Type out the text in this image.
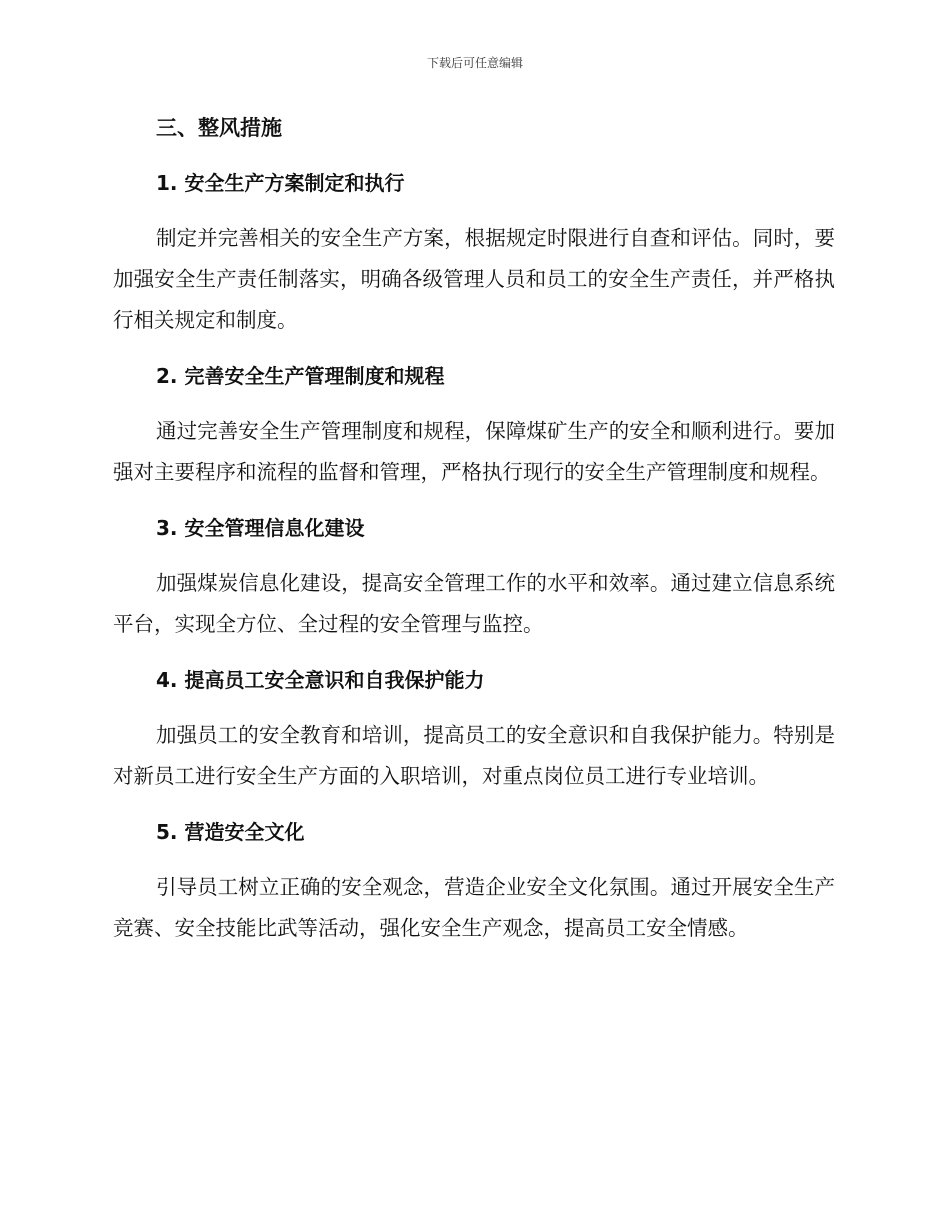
下载后可任意编辑
三、整风措施
1. 安全生产方案制定和执行

制定并完善相关的安全生产方案，根据规定时限进行自查和评估。同时，要加强安全生产责任制落实，明确各级管理人员和员工的安全生产责任，并严格执行相关规定和制度。

2. 完善安全生产管理制度和规程

通过完善安全生产管理制度和规程，保障煤矿生产的安全和顺利进行。要加强对主要程序和流程的监督和管理，严格执行现行的安全生产管理制度和规程。

3. 安全管理信息化建设

加强煤炭信息化建设，提高安全管理工作的水平和效率。通过建立信息系统平台，实现全方位、全过程的安全管理与监控。

4. 提高员工安全意识和自我保护能力

加强员工的安全教育和培训，提高员工的安全意识和自我保护能力。特别是对新员工进行安全生产方面的入职培训，对重点岗位员工进行专业培训。

5. 营造安全文化

引导员工树立正确的安全观念，营造企业安全文化氛围。通过开展安全生产竞赛、安全技能比武等活动，强化安全生产观念，提高员工安全情感。
